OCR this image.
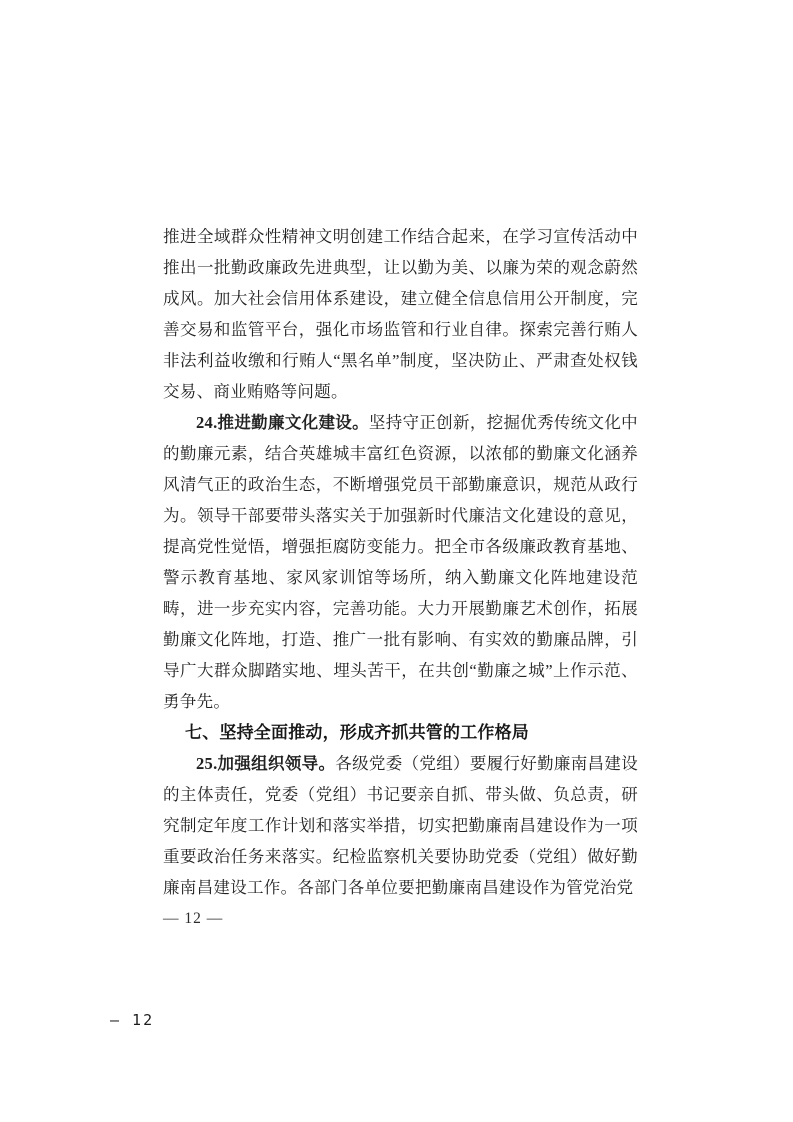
推进全域群众性精神文明创建工作结合起来，在学习宣传活动中推出一批勤政廉政先进典型，让以勤为美、以廉为荣的观念蔚然成风。加大社会信用体系建设，建立健全信息信用公开制度，完善交易和监管平台，强化市场监管和行业自律。探索完善行贿人非法利益收缴和行贿人“黑名单”制度，坚决防止、严肃查处权钱交易、商业贿赂等问题。

24.推进勤廉文化建设。坚持守正创新，挖掘优秀传统文化中的勤廉元素，结合英雄城丰富红色资源，以浓郁的勤廉文化涵养风清气正的政治生态，不断增强党员干部勤廉意识，规范从政行为。领导干部要带头落实关于加强新时代廉洁文化建设的意见，提高党性觉悟，增强拒腐防变能力。把全市各级廉政教育基地、警示教育基地、家风家训馆等场所，纳入勤廉文化阵地建设范畴，进一步充实内容，完善功能。大力开展勤廉艺术创作，拓展勤廉文化阵地，打造、推广一批有影响、有实效的勤廉品牌，引导广大群众脚踏实地、埋头苦干，在共创“勤廉之城”上作示范、勇争先。

七、坚持全面推动，形成齐抓共管的工作格局

25.加强组织领导。各级党委（党组）要履行好勤廉南昌建设的主体责任，党委（党组）书记要亲自抓、带头做、负总责，研究制定年度工作计划和落实举措，切实把勤廉南昌建设作为一项重要政治任务来落实。纪检监察机关要协助党委（党组）做好勤廉南昌建设工作。各部门各单位要把勤廉南昌建设作为管党治党

— 12 —

— 12
